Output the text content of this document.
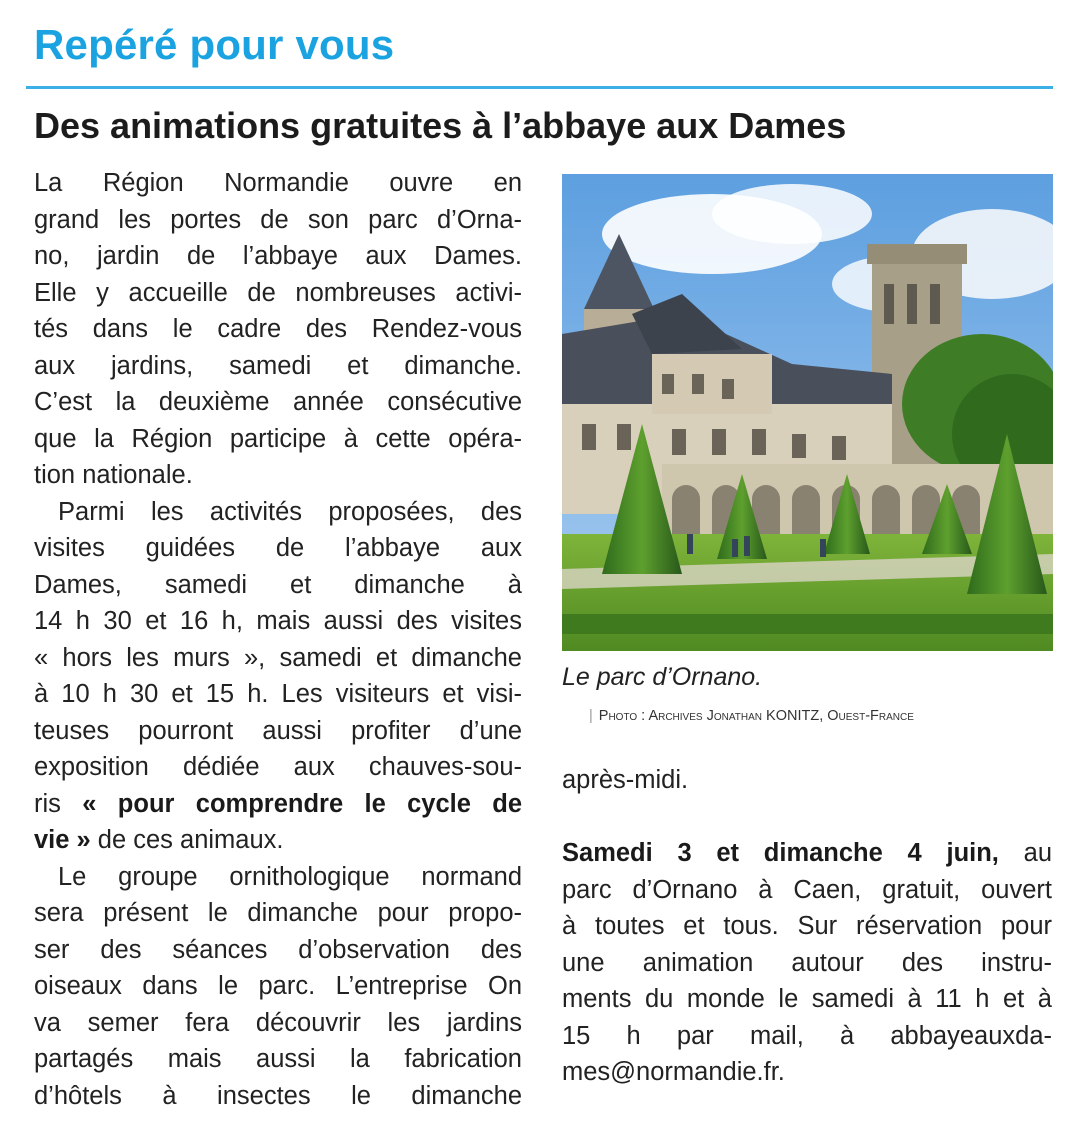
Repéré pour vous
Des animations gratuites à l’abbaye aux Dames
La Région Normandie ouvre en
grand les portes de son parc d’Orna-
no, jardin de l’abbaye aux Dames.
Elle y accueille de nombreuses activi-
tés dans le cadre des Rendez-vous
aux jardins, samedi et dimanche.
C’est la deuxième année consécutive
que la Région participe à cette opéra-
tion nationale.
Parmi les activités proposées, des
visites guidées de l’abbaye aux
Dames, samedi et dimanche à
14 h 30 et 16 h, mais aussi des visites
« hors les murs », samedi et dimanche
à 10 h 30 et 15 h. Les visiteurs et visi-
teuses pourront aussi profiter d’une
exposition dédiée aux chauves-sou-
ris « pour comprendre le cycle de
vie » de ces animaux.
Le groupe ornithologique normand
sera présent le dimanche pour propo-
ser des séances d’observation des
oiseaux dans le parc. L’entreprise On
va semer fera découvrir les jardins
partagés mais aussi la fabrication
d’hôtels à insectes le dimanche
Le parc d’Ornano.
| Photo : Archives Jonathan KONITZ, Ouest-France
après-midi.

Samedi 3 et dimanche 4 juin, au
parc d’Ornano à Caen, gratuit, ouvert
à toutes et tous. Sur réservation pour
une animation autour des instru-
ments du monde le samedi à 11 h et à
15 h par mail, à abbayeauxda-
mes@normandie.fr.
